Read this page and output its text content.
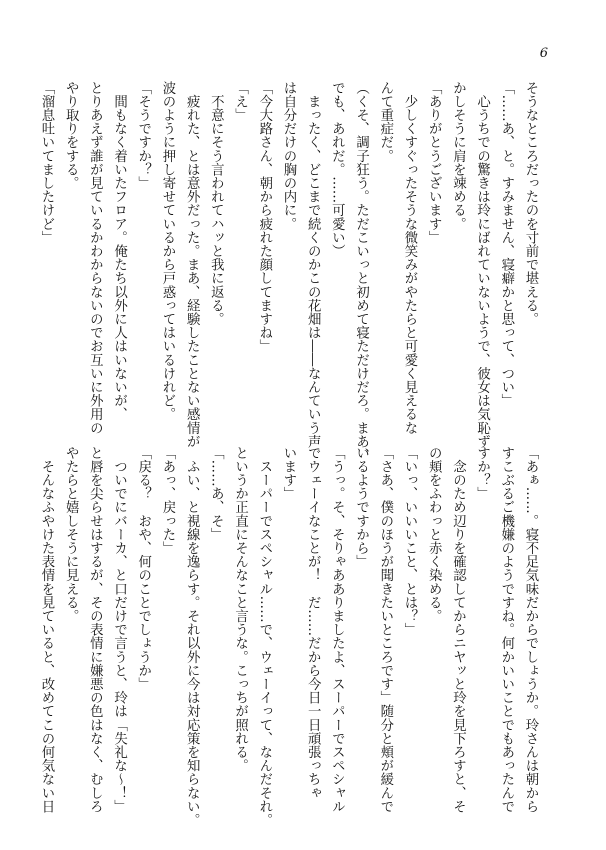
6
そうなところだったのを寸前で堪える。
「……あ、と。すみません、寝癖かと思って、つい」
　心うちでの驚きは玲にばれていないようで、彼女は気恥ず
かしそうに肩を竦める。
「ありがとうございます」
　少しくすぐったそうな微笑みがやたらと可愛く見えるな
んて重症だ。
（くそ、調子狂う。ただこいっと初めて寝ただけだろ。まあ、
でも、あれだ。……可愛い）
　まったく、どこまで続くのかこの花畑は――なんていう声
は自分だけの胸の内に。
「今大路さん、朝から疲れた顔してますね」
「え」
　不意にそう言われてハッと我に返る。
　疲れた、とは意外だった。まあ、経験したことない感情が
波のように押し寄せているから戸惑ってはいるけれど。
「そうですか？」
　間もなく着いたフロア。俺たち以外に人はいないが、
とりあえず誰が見ているかわからないのでお互いに外用の
やり取りをする。
「溜息吐いてましたけど」
「あぁ……。寝不足気味だからでしょうか。玲さんは朝から
すこぶるご機嫌のようですね。何かいいことでもあったんで
すか？」
　念のため辺りを確認してからニヤッと玲を見下ろすと、そ
の頬をふわっと赤く染める。
「いっ、いいいこと、とは？」
「さあ、僕のほうが聞きたいところです」随分と頬が緩んで
いるようですから」
「うっ。そ、そりゃあありましたよ、スーパーでスペシャル
でウェーイなことが！　だ……だから今日一日頑張っちゃ
います」
　スーパーでスペシャル……で、ウェーイって、なんだそれ。
というか正直にそんなこと言うな。こっちが照れる。
「……あ、そ」
　ふい、と視線を逸らす。それ以外に今は対応策を知らない。
「あっ、戻った」
「戻る？　おや、何のことでしょうか」
　ついでにバーカ、と口だけで言うと、玲は「失礼な～！」
と唇を尖らせはするが、その表情に嫌悪の色はなく、むしろ
やたらと嬉しそうに見える。
　そんなふやけた表情を見ていると、改めてこの何気ない日
